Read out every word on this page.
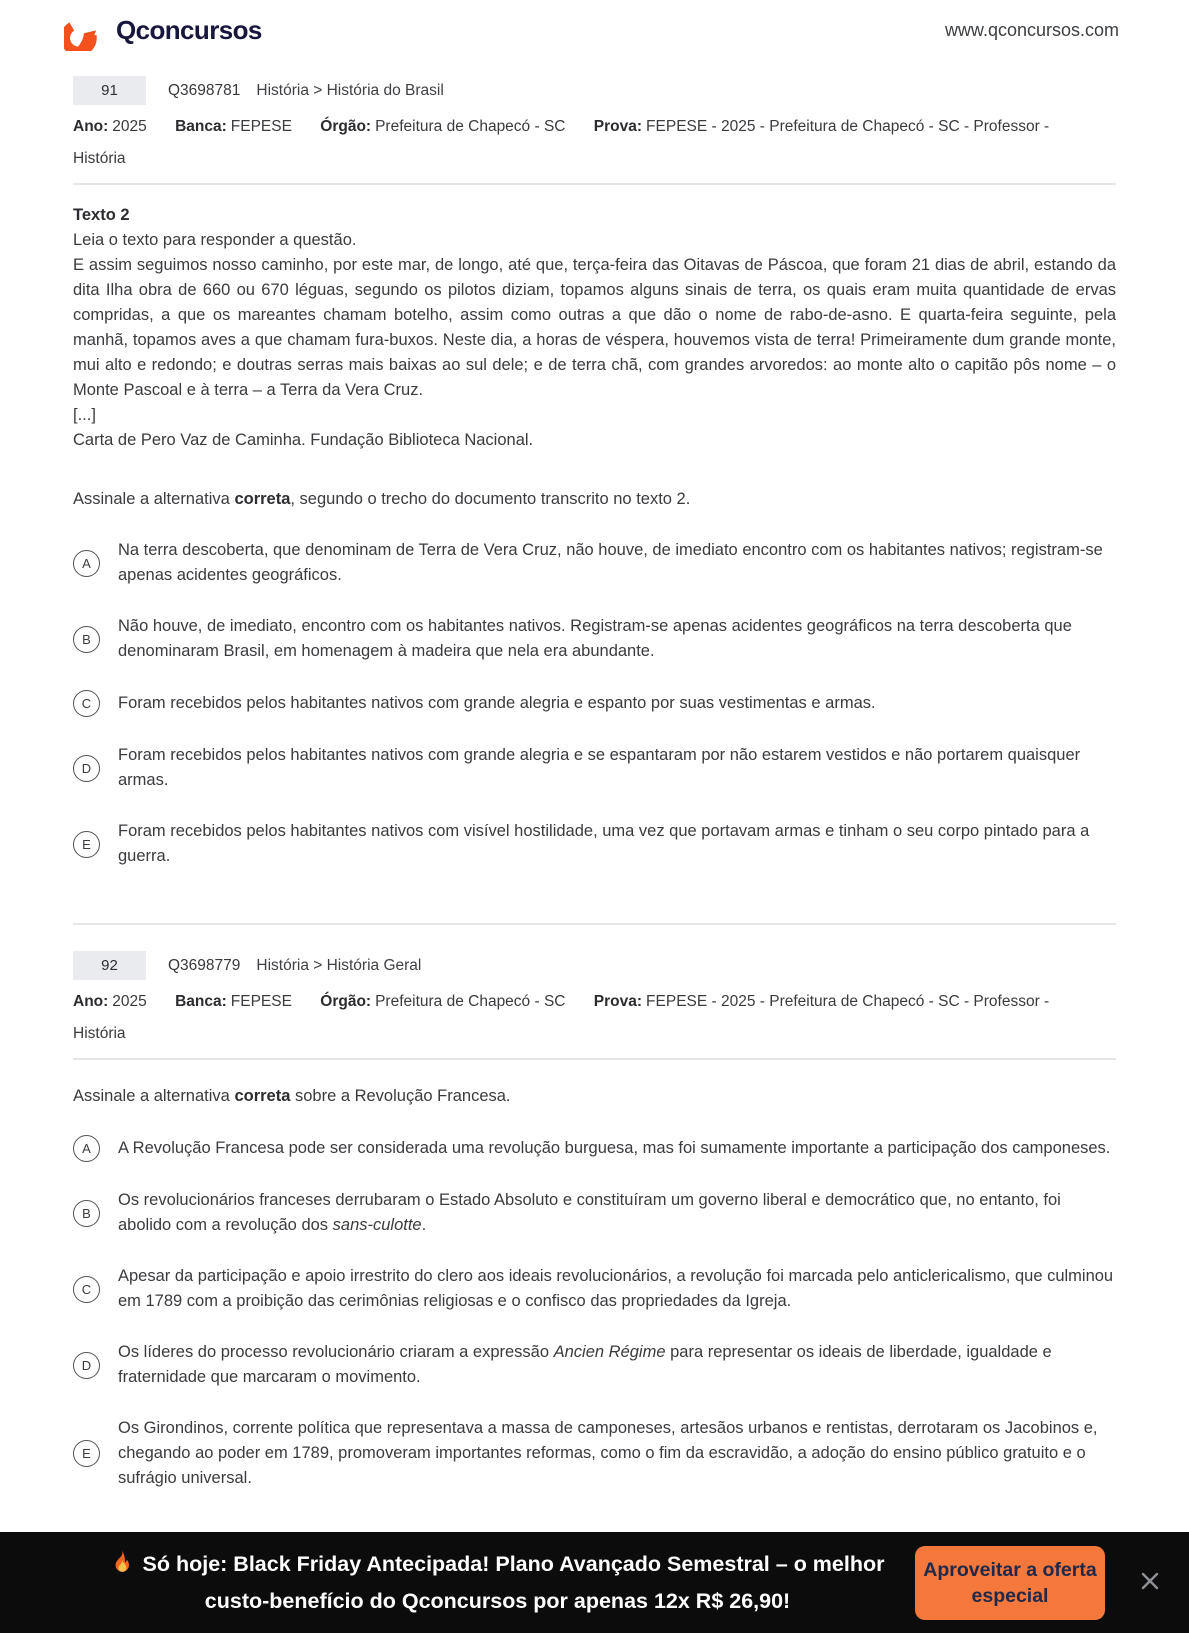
Qconcursos	www.qconcursos.com
91	Q3698781 História > História do Brasil
Ano: 2025 Banca: FEPESE Órgão: Prefeitura de Chapecó - SC Prova: FEPESE - 2025 - Prefeitura de Chapecó - SC - Professor - História
Texto 2
Leia o texto para responder a questão.
E assim seguimos nosso caminho, por este mar, de longo, até que, terça-feira das Oitavas de Páscoa, que foram 21 dias de abril, estando da dita Ilha obra de 660 ou 670 léguas, segundo os pilotos diziam, topamos alguns sinais de terra, os quais eram muita quantidade de ervas compridas, a que os mareantes chamam botelho, assim como outras a que dão o nome de rabo-de-asno. E quarta-feira seguinte, pela manhã, topamos aves a que chamam fura-buxos. Neste dia, a horas de véspera, houvemos vista de terra! Primeiramente dum grande monte, mui alto e redondo; e doutras serras mais baixas ao sul dele; e de terra chã, com grandes arvoredos: ao monte alto o capitão pôs nome – o Monte Pascoal e à terra – a Terra da Vera Cruz.
[...]
Carta de Pero Vaz de Caminha. Fundação Biblioteca Nacional.
Assinale a alternativa correta, segundo o trecho do documento transcrito no texto 2.
A
Na terra descoberta, que denominam de Terra de Vera Cruz, não houve, de imediato encontro com os habitantes nativos; registram-se apenas acidentes geográficos.
B
Não houve, de imediato, encontro com os habitantes nativos. Registram-se apenas acidentes geográficos na terra descoberta que denominaram Brasil, em homenagem à madeira que nela era abundante.
C	Foram recebidos pelos habitantes nativos com grande alegria e espanto por suas vestimentas e armas.
D
Foram recebidos pelos habitantes nativos com grande alegria e se espantaram por não estarem vestidos e não portarem quaisquer armas.
E
Foram recebidos pelos habitantes nativos com visível hostilidade, uma vez que portavam armas e tinham o seu corpo pintado para a guerra.
92	Q3698779 História > História Geral
Ano: 2025 Banca: FEPESE Órgão: Prefeitura de Chapecó - SC Prova: FEPESE - 2025 - Prefeitura de Chapecó - SC - Professor - História
Assinale a alternativa correta sobre a Revolução Francesa.
A	A Revolução Francesa pode ser considerada uma revolução burguesa, mas foi sumamente importante a participação dos camponeses.
B
Os revolucionários franceses derrubaram o Estado Absoluto e constituíram um governo liberal e democrático que, no entanto, foi abolido com a revolução dos sans-culotte.
C
Apesar da participação e apoio irrestrito do clero aos ideais revolucionários, a revolução foi marcada pelo anticlericalismo, que culminou em 1789 com a proibição das cerimônias religiosas e o confisco das propriedades da Igreja.
D
Os líderes do processo revolucionário criaram a expressão Ancien Régime para representar os ideais de liberdade, igualdade e fraternidade que marcaram o movimento.
E
Os Girondinos, corrente política que representava a massa de camponeses, artesãos urbanos e rentistas, derrotaram os Jacobinos e, chegando ao poder em 1789, promoveram importantes reformas, como o fim da escravidão, a adoção do ensino público gratuito e o sufrágio universal.
Só hoje: Black Friday Antecipada! Plano Avançado Semestral – o melhor
custo-benefício do Qconcursos por apenas 12x R$ 26,90!
Aproveitar a oferta especial
